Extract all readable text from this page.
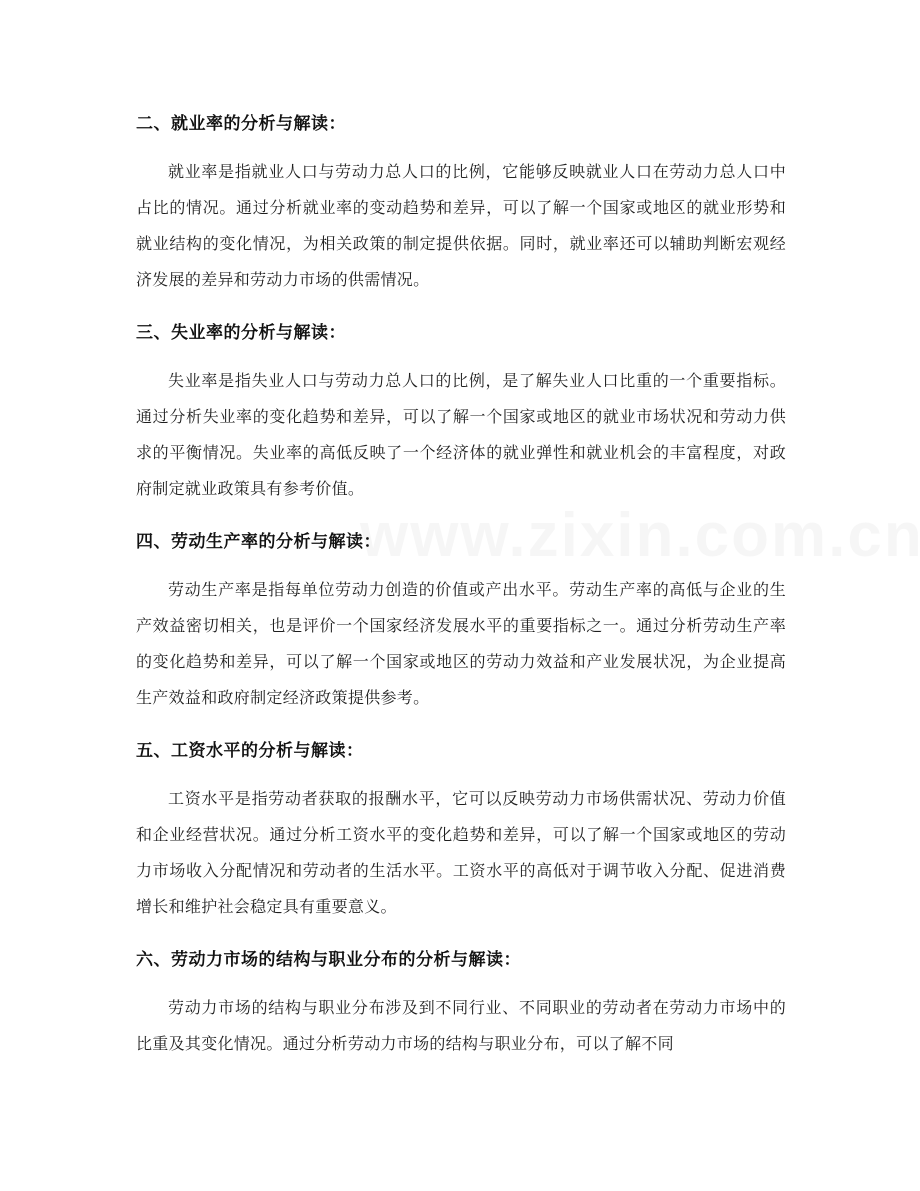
二、就业率的分析与解读：

就业率是指就业人口与劳动力总人口的比例，它能够反映就业人口在劳动力总人口中占比的情况。通过分析就业率的变动趋势和差异，可以了解一个国家或地区的就业形势和就业结构的变化情况，为相关政策的制定提供依据。同时，就业率还可以辅助判断宏观经济发展的差异和劳动力市场的供需情况。

三、失业率的分析与解读：

失业率是指失业人口与劳动力总人口的比例，是了解失业人口比重的一个重要指标。通过分析失业率的变化趋势和差异，可以了解一个国家或地区的就业市场状况和劳动力供求的平衡情况。失业率的高低反映了一个经济体的就业弹性和就业机会的丰富程度，对政府制定就业政策具有参考价值。

四、劳动生产率的分析与解读：

劳动生产率是指每单位劳动力创造的价值或产出水平。劳动生产率的高低与企业的生产效益密切相关，也是评价一个国家经济发展水平的重要指标之一。通过分析劳动生产率的变化趋势和差异，可以了解一个国家或地区的劳动力效益和产业发展状况，为企业提高生产效益和政府制定经济政策提供参考。

五、工资水平的分析与解读：

工资水平是指劳动者获取的报酬水平，它可以反映劳动力市场供需状况、劳动力价值和企业经营状况。通过分析工资水平的变化趋势和差异，可以了解一个国家或地区的劳动力市场收入分配情况和劳动者的生活水平。工资水平的高低对于调节收入分配、促进消费增长和维护社会稳定具有重要意义。

六、劳动力市场的结构与职业分布的分析与解读：

劳动力市场的结构与职业分布涉及到不同行业、不同职业的劳动者在劳动力市场中的比重及其变化情况。通过分析劳动力市场的结构与职业分布，可以了解不同
